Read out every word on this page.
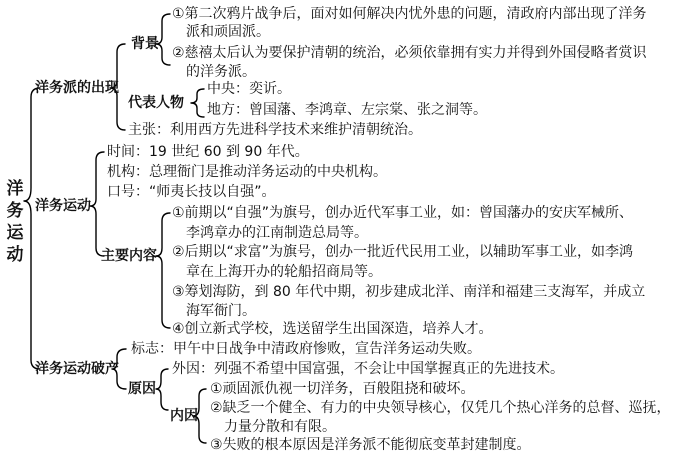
洋
务
运
动
洋务派的出现
背景
①第二次鸦片战争后，面对如何解决内忧外患的问题，清政府内部出现了洋务
派和顽固派。
②慈禧太后认为要保护清朝的统治，必须依靠拥有实力并得到外国侵略者赏识
的洋务派。
代表人物
中央：奕䜣。
地方：曾国藩、李鸿章、左宗棠、张之洞等。
主张：利用西方先进科学技术来维护清朝统治。
洋务运动
时间：19 世纪 60 到 90 年代。
机构：总理衙门是推动洋务运动的中央机构。
口号：“师夷长技以自强”。
主要内容
①前期以“自强”为旗号，创办近代军事工业，如：曾国藩办的安庆军械所、
李鸿章办的江南制造总局等。
②后期以“求富”为旗号，创办一批近代民用工业，以辅助军事工业，如李鸿
章在上海开办的轮船招商局等。
③筹划海防，到 80 年代中期，初步建成北洋、南洋和福建三支海军，并成立
海军衙门。
④创立新式学校，选送留学生出国深造，培养人才。
洋务运动破产
标志：甲午中日战争中清政府惨败，宣告洋务运动失败。
原因
外因：列强不希望中国富强，不会让中国掌握真正的先进技术。
内因
①顽固派仇视一切洋务，百般阻挠和破坏。
②缺乏一个健全、有力的中央领导核心，仅凭几个热心洋务的总督、巡抚，
力量分散和有限。
③失败的根本原因是洋务派不能彻底变革封建制度。
